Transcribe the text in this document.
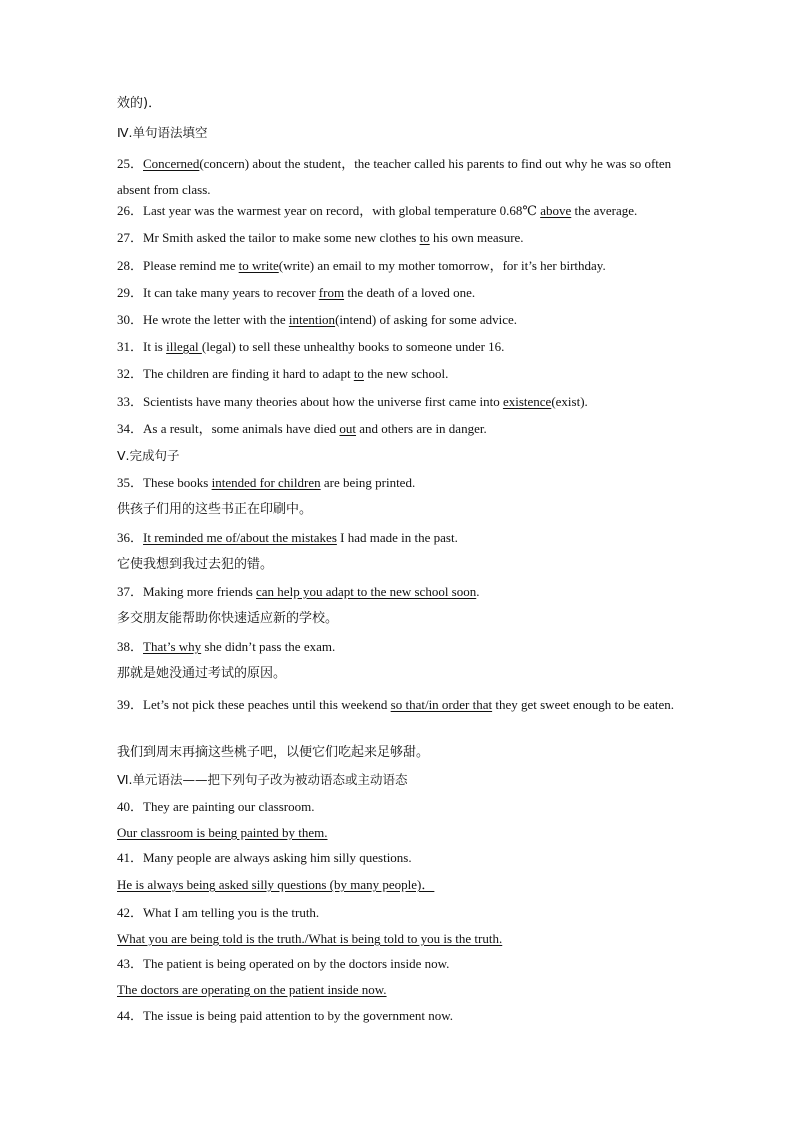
效的)．
Ⅳ.单句语法填空
25．Concerned(concern) about the student，the teacher called his parents to find out why he was so often absent from class.
26．Last year was the warmest year on record，with global temperature 0.68℃ above the average.
27．Mr Smith asked the tailor to make some new clothes to his own measure.
28．Please remind me to write(write) an email to my mother tomorrow，for it’s her birthday.
29．It can take many years to recover from the death of a loved one.
30．He wrote the letter with the intention(intend) of asking for some advice.
31．It is illegal (legal) to sell these unhealthy books to someone under 16.
32．The children are finding it hard to adapt to the new school.
33．Scientists have many theories about how the universe first came into existence(exist).
34．As a result，some animals have died out and others are in danger.
Ⅴ.完成句子
35．These books intended for children are being printed.
供孩子们用的这些书正在印刷中。
36．It reminded me of/about the mistakes I had made in the past.
它使我想到我过去犯的错。
37．Making more friends can help you adapt to the new school soon.
多交朋友能帮助你快速适应新的学校。
38．That’s why she didn’t pass the exam.
那就是她没通过考试的原因。
39．Let’s not pick these peaches until this weekend so that/in order that they get sweet enough to be eaten.
我们到周末再摘这些桃子吧，以便它们吃起来足够甜。
Ⅵ.单元语法——把下列句子改为被动语态或主动语态
40．They are painting our classroom.
Our classroom is being painted by them.
41．Many people are always asking him silly questions.
He is always being asked silly questions (by many people)．
42．What I am telling you is the truth.
What you are being told is the truth./What is being told to you is the truth.
43．The patient is being operated on by the doctors inside now.
The doctors are operating on the patient inside now.
44．The issue is being paid attention to by the government now.
